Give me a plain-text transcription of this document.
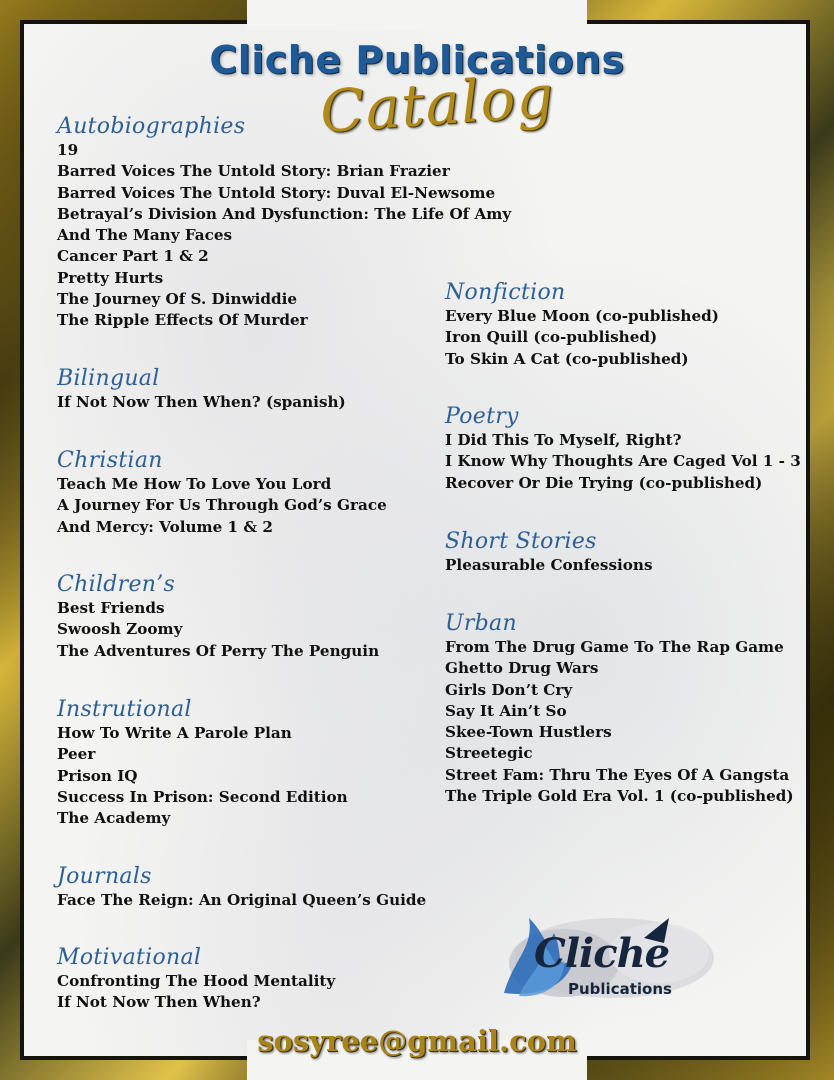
Cliche Publications
Catalog
Autobiographies
19
Barred Voices The Untold Story: Brian Frazier
Barred Voices The Untold Story: Duval El-Newsome
Betrayal’s Division And Dysfunction: The Life Of Amy
And The Many Faces
Cancer Part 1 & 2
Pretty Hurts
The Journey Of S. Dinwiddie
The Ripple Effects Of Murder
Bilingual
If Not Now Then When? (spanish)
Christian
Teach Me How To Love You Lord
A Journey For Us Through God’s Grace
And Mercy: Volume 1 & 2
Children’s
Best Friends
Swoosh Zoomy
The Adventures Of Perry The Penguin
Instrutional
How To Write A Parole Plan
Peer
Prison IQ
Success In Prison: Second Edition
The Academy
Journals
Face The Reign: An Original Queen’s Guide
Motivational
Confronting The Hood Mentality
If Not Now Then When?
Nonfiction
Every Blue Moon (co-published)
Iron Quill (co-published)
To Skin A Cat (co-published)
Poetry
I Did This To Myself, Right?
I Know Why Thoughts Are Caged Vol 1 - 3
Recover Or Die Trying (co-published)
Short Stories
Pleasurable Confessions
Urban
From The Drug Game To The Rap Game
Ghetto Drug Wars
Girls Don’t Cry
Say It Ain’t So
Skee-Town Hustlers
Streetegic
Street Fam: Thru The Eyes Of A Gangsta
The Triple Gold Era Vol. 1 (co-published)
Cliche
Publications
sosyree@gmail.com
